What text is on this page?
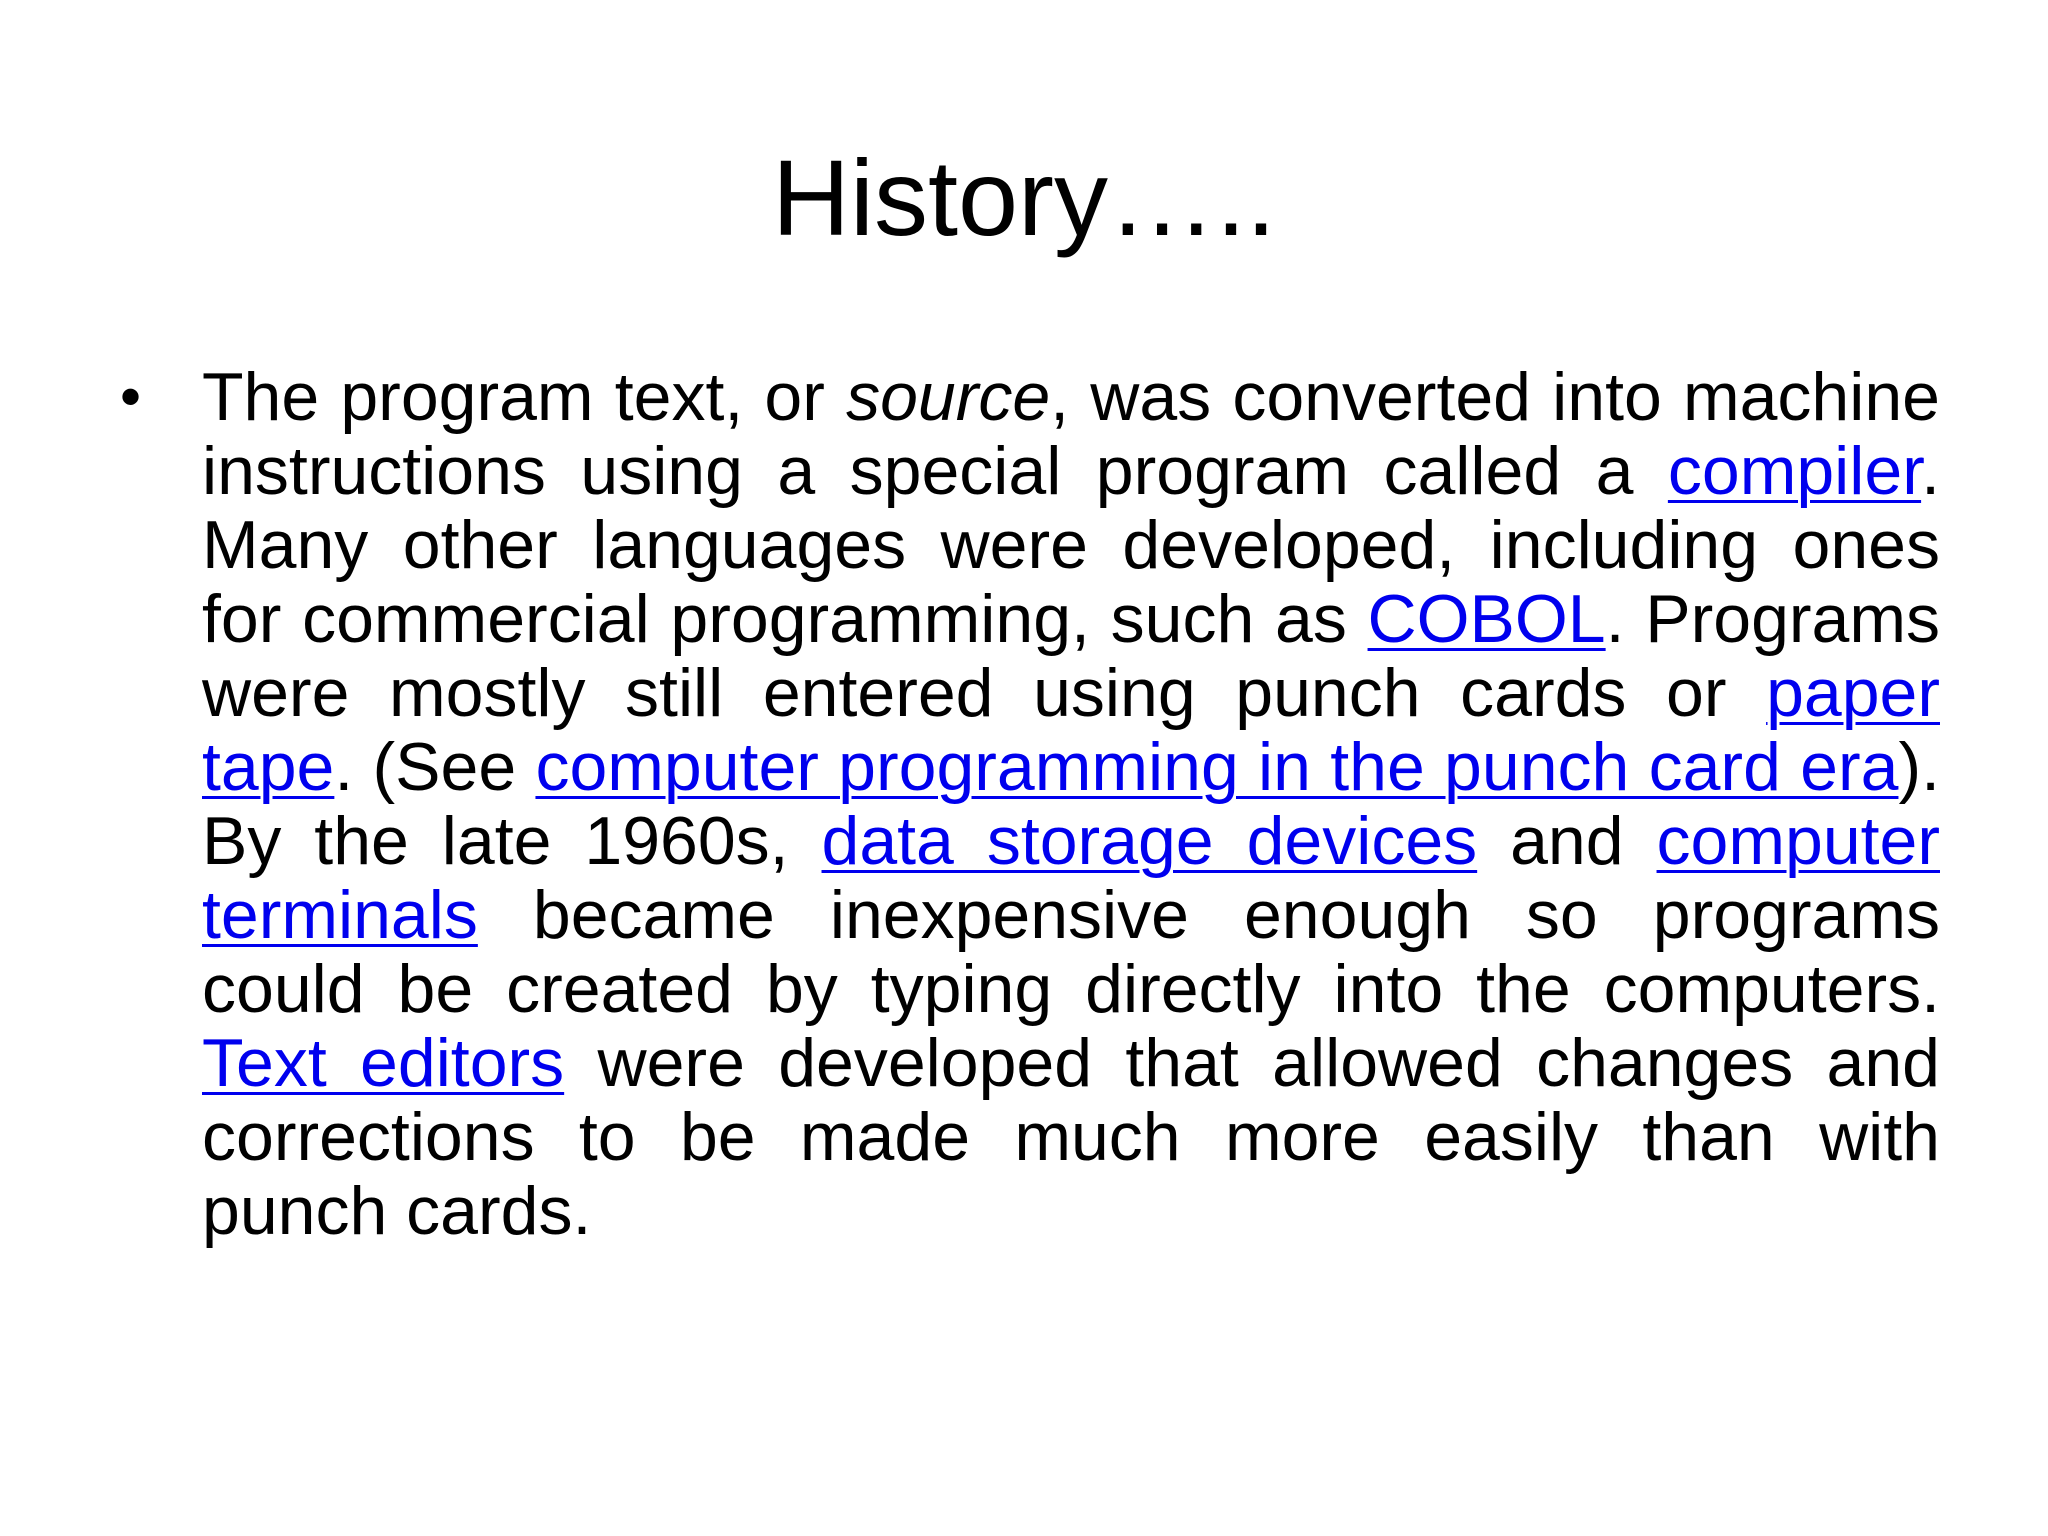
History…..
• The program text, or source, was converted into machine instructions using a special program called a compiler. Many other languages were developed, including ones for commercial programming, such as COBOL. Programs were mostly still entered using punch cards or paper tape. (See computer programming in the punch card era). By the late 1960s, data storage devices and computer terminals became inexpensive enough so programs could be created by typing directly into the computers. Text editors were developed that allowed changes and corrections to be made much more easily than with punch cards.
